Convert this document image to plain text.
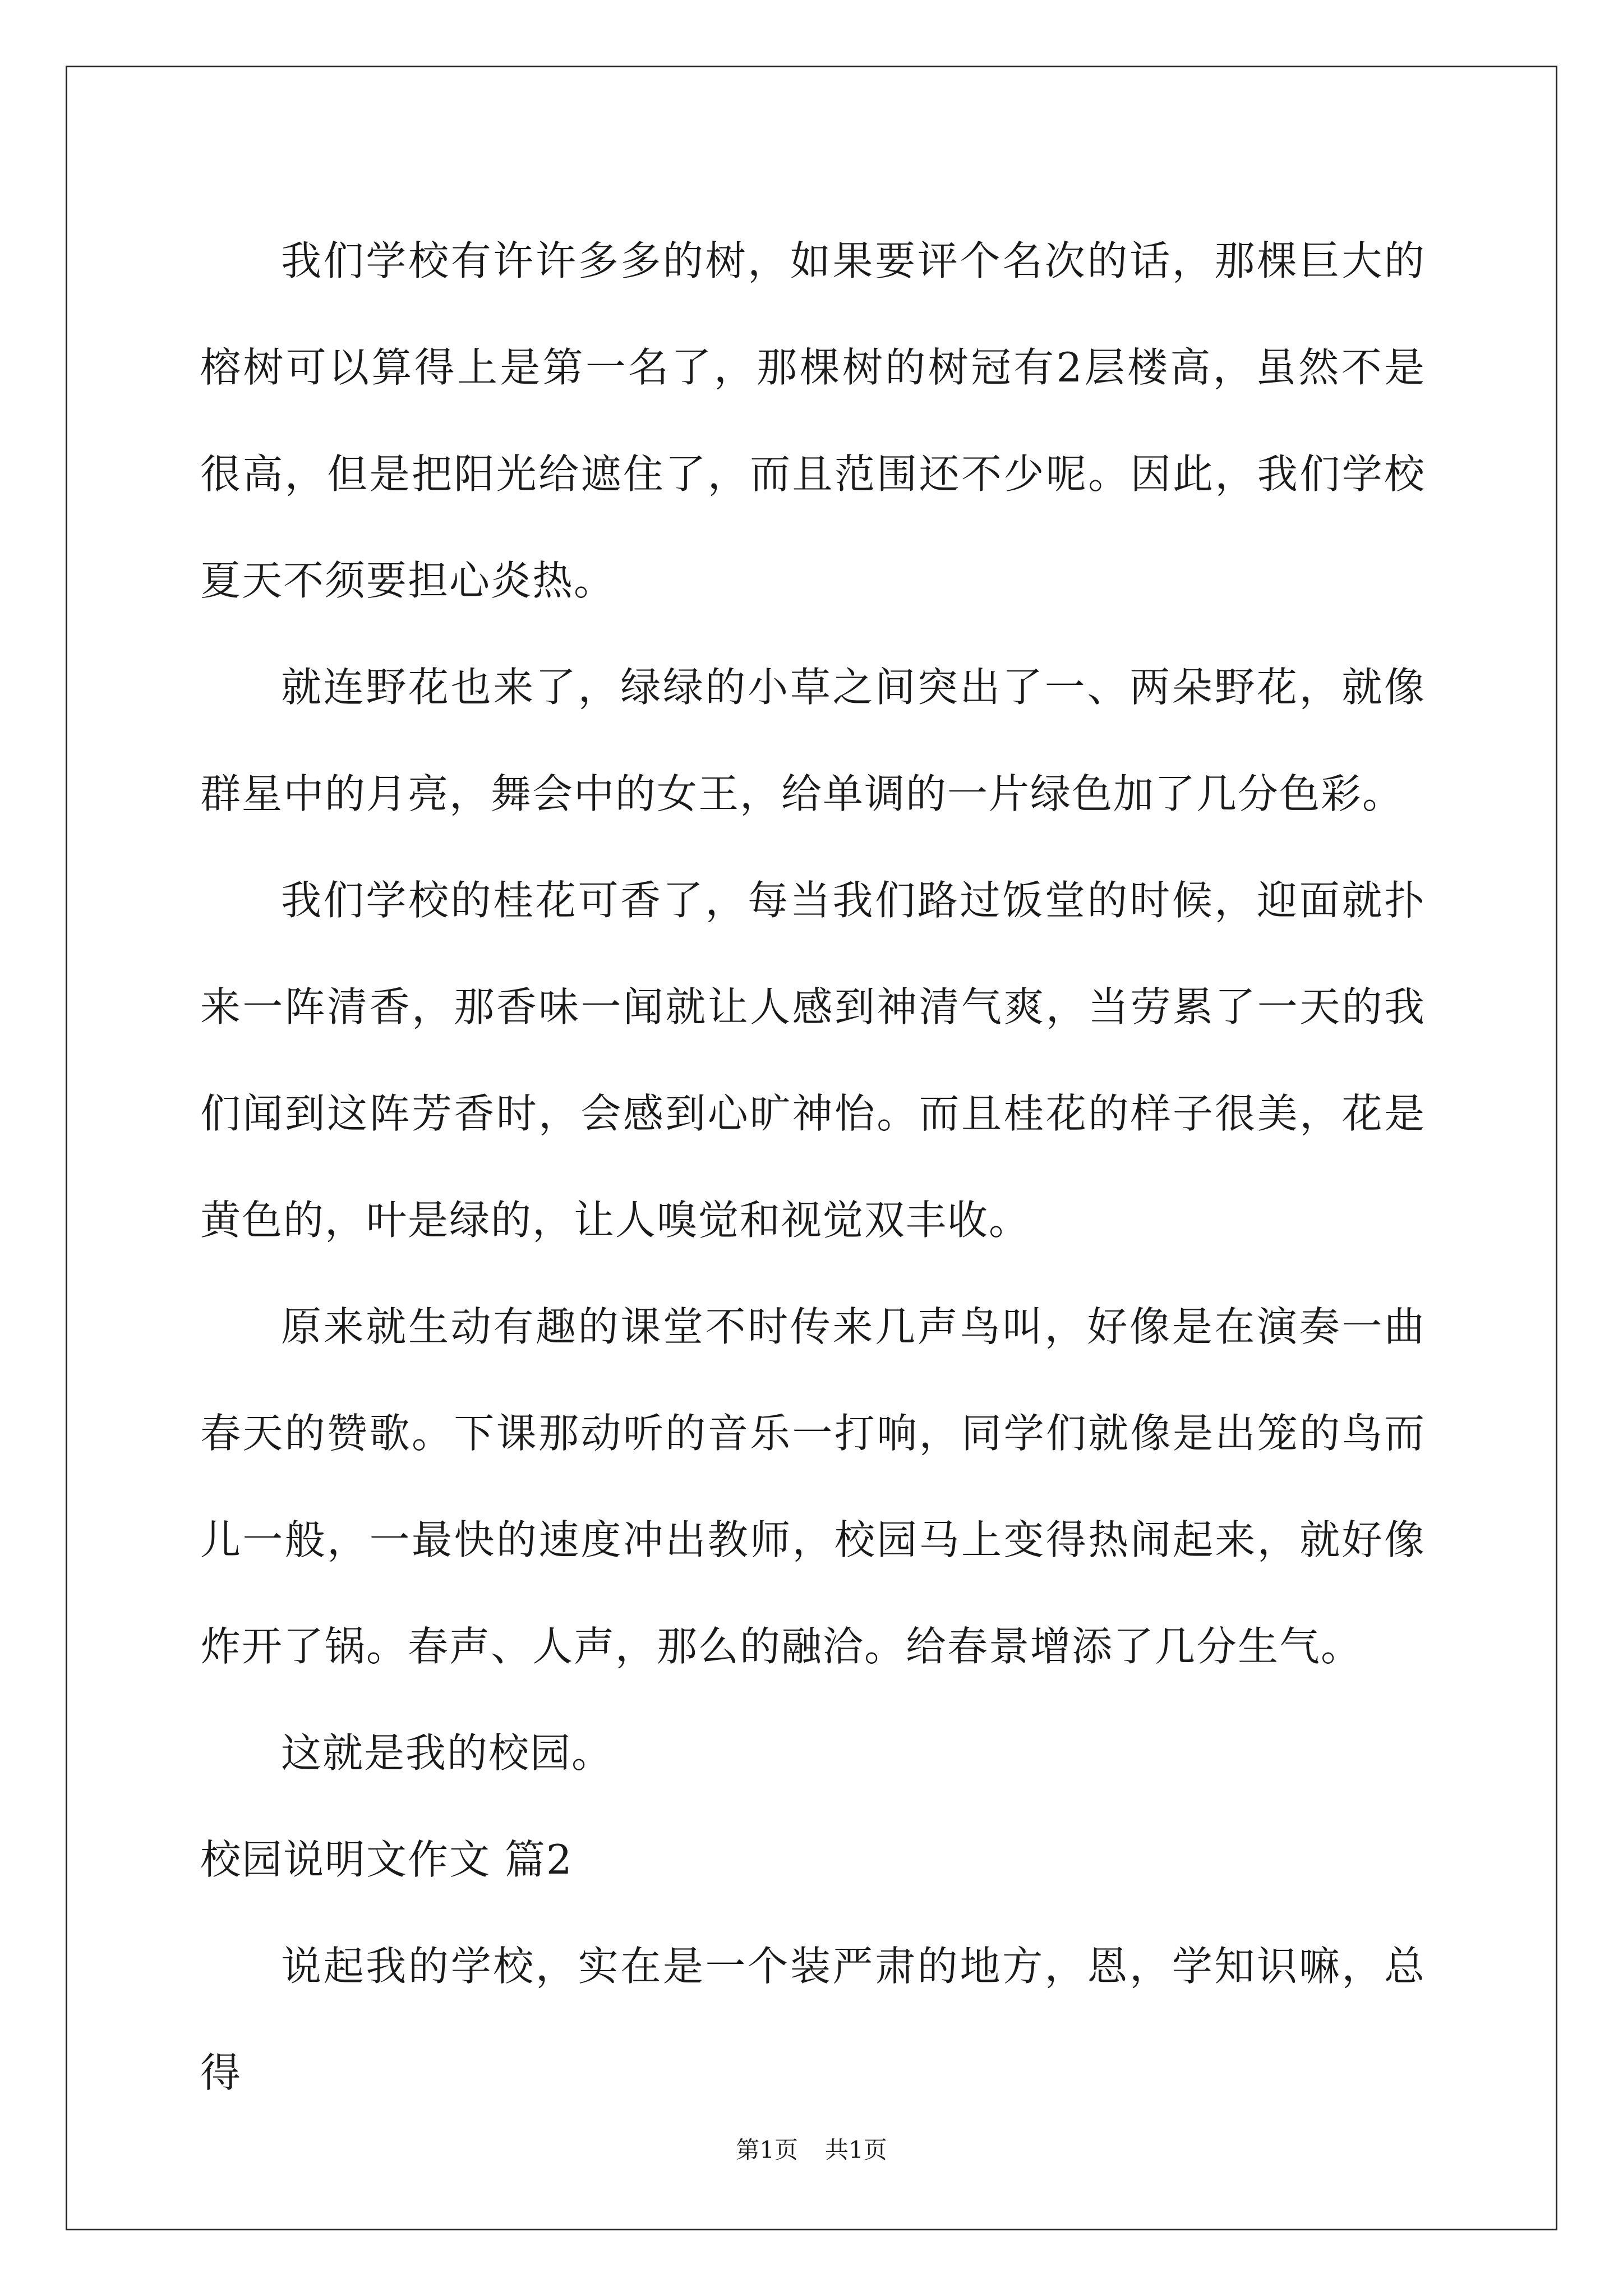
我们学校有许许多多的树，如果要评个名次的话，那棵巨大的榕树可以算得上是第一名了，那棵树的树冠有2层楼高，虽然不是很高，但是把阳光给遮住了，而且范围还不少呢。因此，我们学校夏天不须要担心炎热。

就连野花也来了，绿绿的小草之间突出了一、两朵野花，就像群星中的月亮，舞会中的女王，给单调的一片绿色加了几分色彩。

我们学校的桂花可香了，每当我们路过饭堂的时候，迎面就扑来一阵清香，那香味一闻就让人感到神清气爽，当劳累了一天的我们闻到这阵芳香时，会感到心旷神怡。而且桂花的样子很美，花是黄色的，叶是绿的，让人嗅觉和视觉双丰收。

原来就生动有趣的课堂不时传来几声鸟叫，好像是在演奏一曲春天的赞歌。下课那动听的音乐一打响，同学们就像是出笼的鸟而儿一般，一最快的速度冲出教师，校园马上变得热闹起来，就好像炸开了锅。春声、人声，那么的融洽。给春景增添了几分生气。

这就是我的校园。

校园说明文作文 篇2

说起我的学校，实在是一个装严肃的地方，恩，学知识嘛，总得

第1页 共1页
